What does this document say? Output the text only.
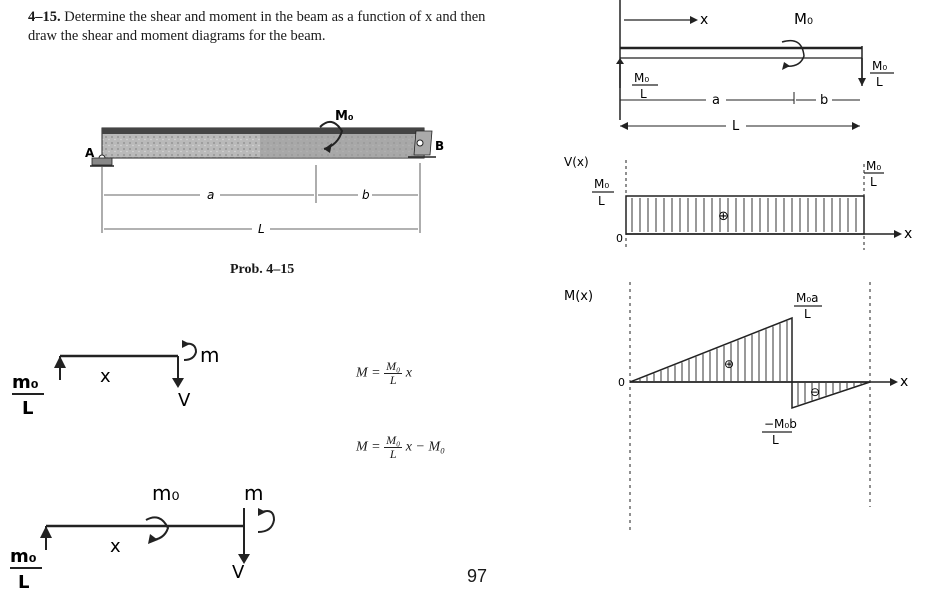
4–15. Determine the shear and moment in the beam as a function of x and then draw the shear and moment diagrams for the beam.
A	B
M₀
a	b
L
Prob. 4–15
$M = \frac{\text{M₀}}{L}$ x
$M = \frac{\text{M₀}}{L}$ x − M₀
m₀
L
x
m
V
m₀
L
x
m₀	m
V	97
x	M₀
M₀
L
M₀
L
a	b
L
V(x)
M₀
L
M₀
L
x
0
⊕
M(x)
x
0
M₀a
L
−M₀b
L
⊕
⊖
